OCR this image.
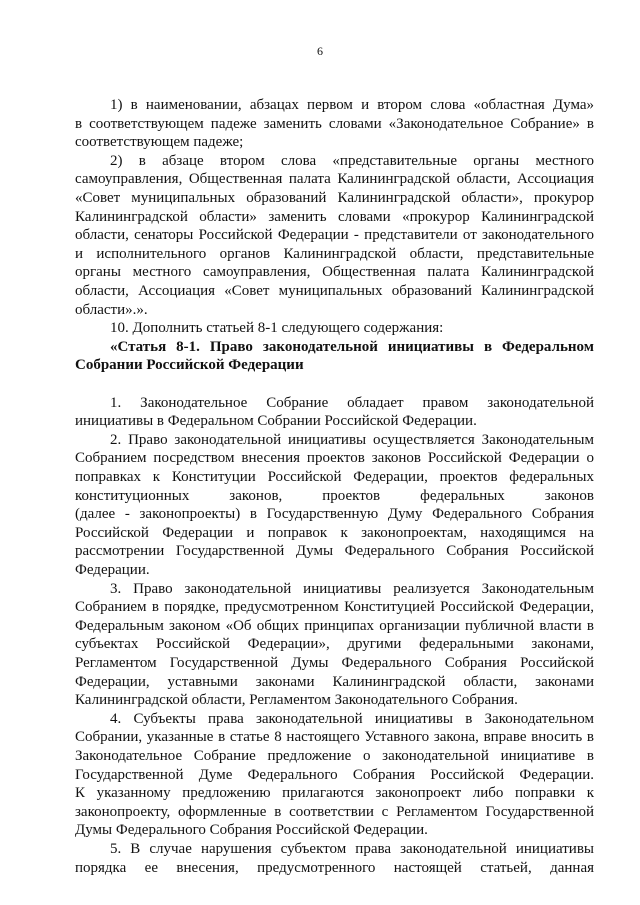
6
1) в наименовании, абзацах первом и втором слова «областная Дума»
в соответствующем падеже заменить словами «Законодательное Собрание» в
соответствующем падеже;
2) в абзаце втором слова «представительные органы местного
самоуправления, Общественная палата Калининградской области, Ассоциация
«Совет муниципальных образований Калининградской области», прокурор
Калининградской области» заменить словами «прокурор Калининградской
области, сенаторы Российской Федерации - представители от законодательного
и исполнительного органов Калининградской области, представительные
органы местного самоуправления, Общественная палата Калининградской
области, Ассоциация «Совет муниципальных образований Калининградской
области».».
10. Дополнить статьей 8-1 следующего содержания:
«Статья 8-1. Право законодательной инициативы в Федеральном
Собрании Российской Федерации
1. Законодательное Собрание обладает правом законодательной
инициативы в Федеральном Собрании Российской Федерации.
2. Право законодательной инициативы осуществляется Законодательным
Собранием посредством внесения проектов законов Российской Федерации о
поправках к Конституции Российской Федерации, проектов федеральных
конституционных законов, проектов федеральных законов
(далее - законопроекты) в Государственную Думу Федерального Собрания
Российской Федерации и поправок к законопроектам, находящимся на
рассмотрении Государственной Думы Федерального Собрания Российской
Федерации.
3. Право законодательной инициативы реализуется Законодательным
Собранием в порядке, предусмотренном Конституцией Российской Федерации,
Федеральным законом «Об общих принципах организации публичной власти в
субъектах Российской Федерации», другими федеральными законами,
Регламентом Государственной Думы Федерального Собрания Российской
Федерации, уставными законами Калининградской области, законами
Калининградской области, Регламентом Законодательного Собрания.
4. Субъекты права законодательной инициативы в Законодательном
Собрании, указанные в статье 8 настоящего Уставного закона, вправе вносить в
Законодательное Собрание предложение о законодательной инициативе в
Государственной Думе Федерального Собрания Российской Федерации.
К указанному предложению прилагаются законопроект либо поправки к
законопроекту, оформленные в соответствии с Регламентом Государственной
Думы Федерального Собрания Российской Федерации.
5. В случае нарушения субъектом права законодательной инициативы
порядка ее внесения, предусмотренного настоящей статьей, данная
